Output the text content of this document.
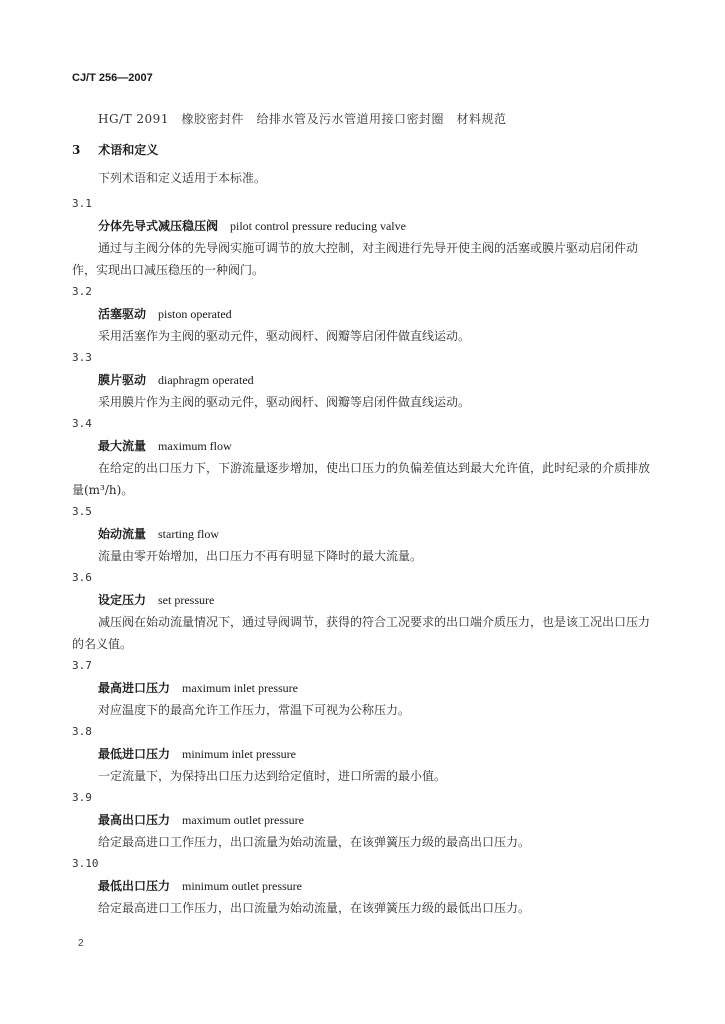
CJ/T 256—2007
HG/T 2091　橡胶密封件　给排水管及污水管道用接口密封圈　材料规范
3 术语和定义
下列术语和定义适用于本标准。
3.1
分体先导式减压稳压阀 pilot control pressure reducing valve

通过与主阀分体的先导阀实施可调节的放大控制，对主阀进行先导开使主阀的活塞或膜片驱动启闭件动作，实现出口减压稳压的一种阀门。

3.2
活塞驱动 piston operated

采用活塞作为主阀的驱动元件，驱动阀杆、阀瓣等启闭件做直线运动。

3.3
膜片驱动 diaphragm operated

采用膜片作为主阀的驱动元件，驱动阀杆、阀瓣等启闭件做直线运动。

3.4
最大流量 maximum flow

在给定的出口压力下，下游流量逐步增加，使出口压力的负偏差值达到最大允许值，此时纪录的介质排放量(m³/h)。

3.5
始动流量 starting flow

流量由零开始增加，出口压力不再有明显下降时的最大流量。

3.6
设定压力 set pressure

减压阀在始动流量情况下，通过导阀调节，获得的符合工况要求的出口端介质压力，也是该工况出口压力的名义值。

3.7
最高进口压力 maximum inlet pressure

对应温度下的最高允许工作压力，常温下可视为公称压力。

3.8
最低进口压力 minimum inlet pressure

一定流量下，为保持出口压力达到给定值时，进口所需的最小值。

3.9
最高出口压力 maximum outlet pressure

给定最高进口工作压力，出口流量为始动流量，在该弹簧压力级的最高出口压力。

3.10
最低出口压力 minimum outlet pressure

给定最高进口工作压力，出口流量为始动流量，在该弹簧压力级的最低出口压力。

2
